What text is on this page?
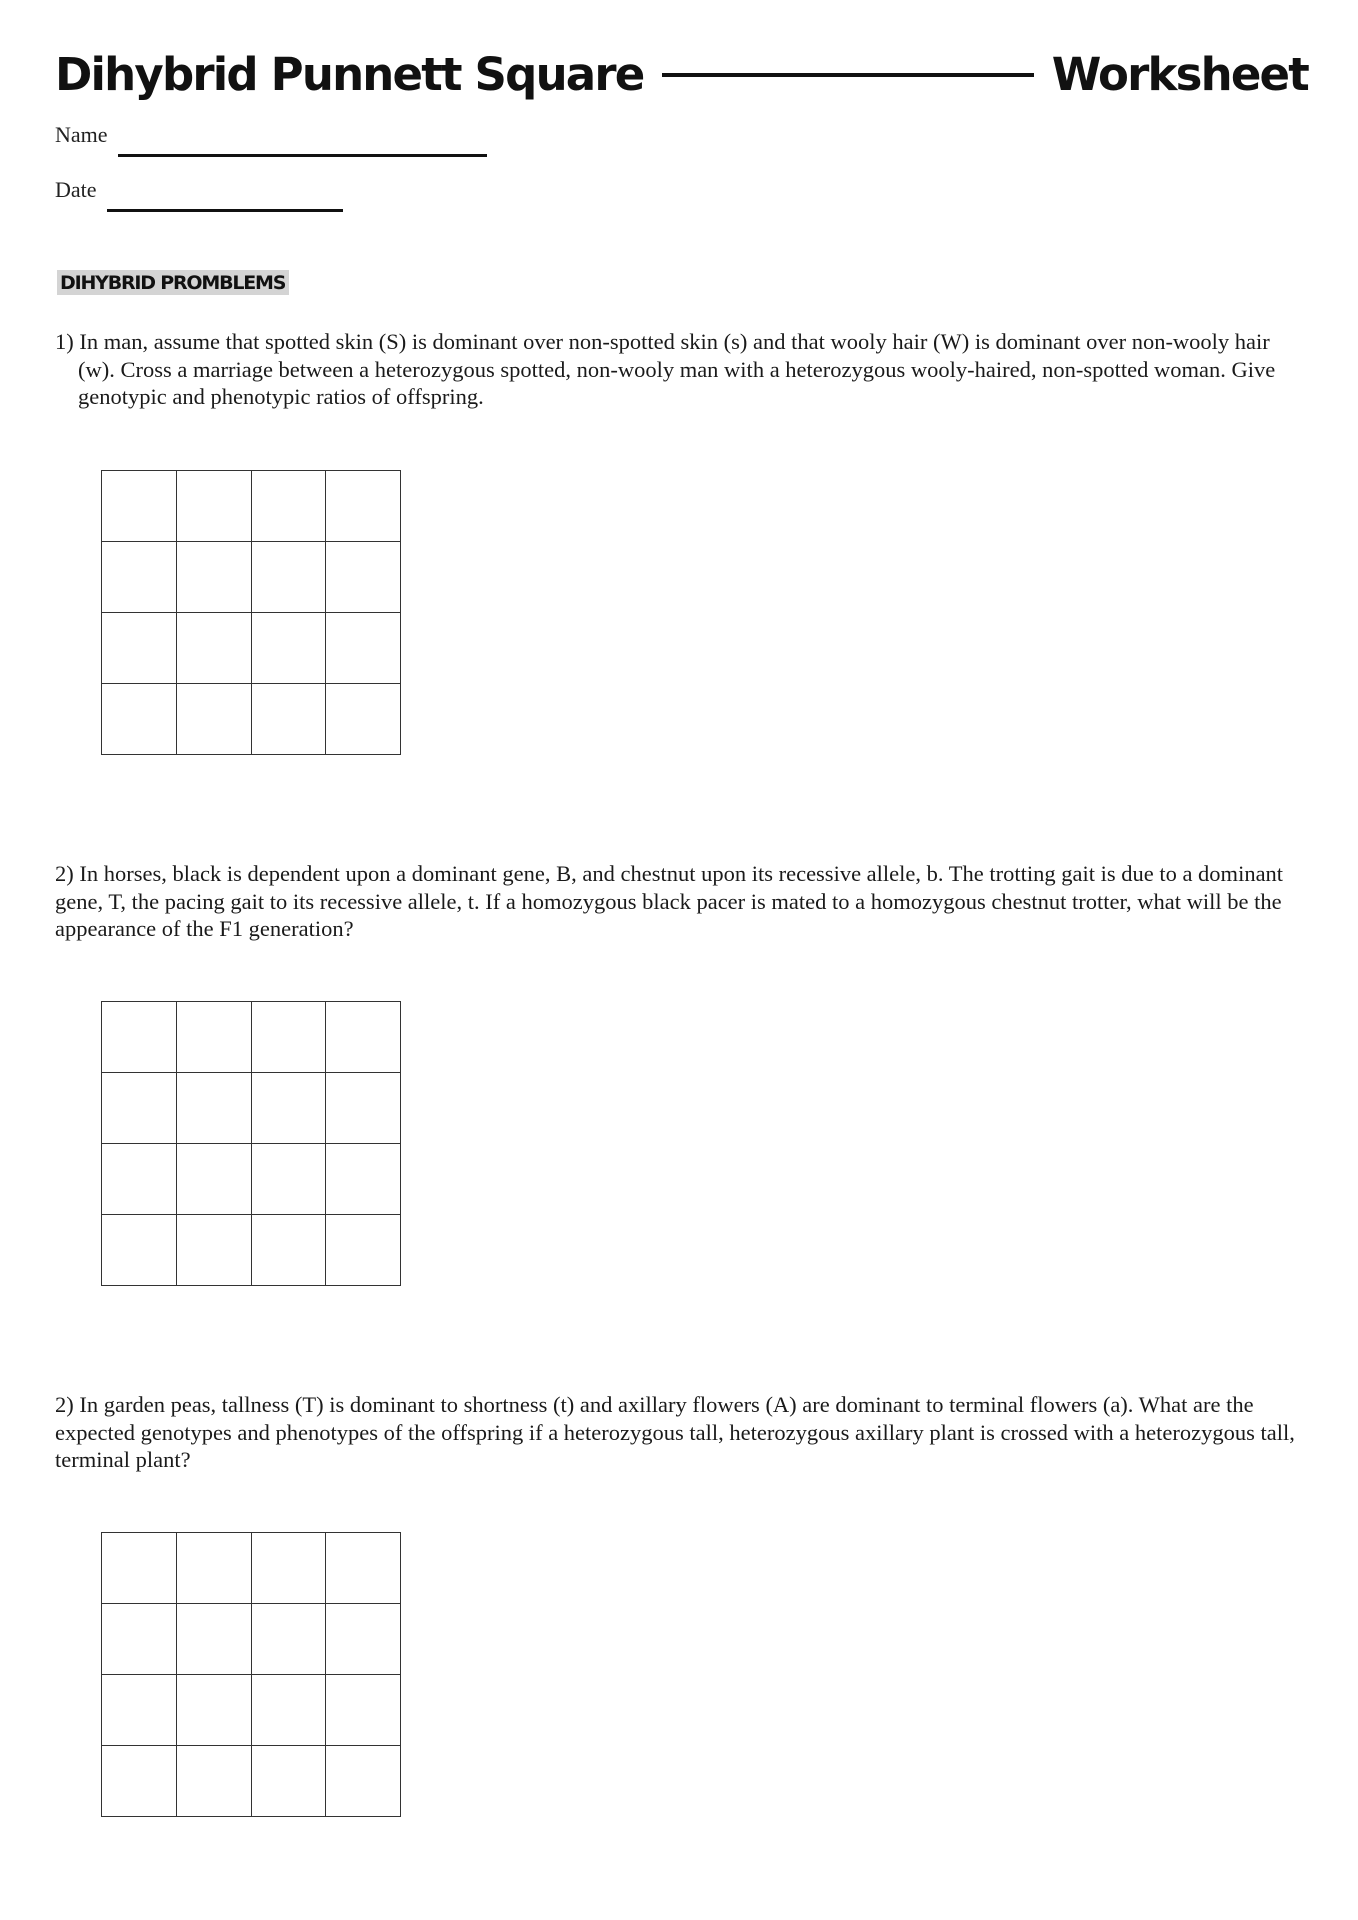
Dihybrid Punnett Square	Worksheet
Name
Date
DIHYBRID PROMBLEMS
1) In man, assume that spotted skin (S) is dominant over non-spotted skin (s) and that wooly hair (W) is dominant over non-wooly hair (w). Cross a marriage between a heterozygous spotted, non-wooly man with a heterozygous wooly-haired, non-spotted woman. Give genotypic and phenotypic ratios of offspring.
2) In horses, black is dependent upon a dominant gene, B, and chestnut upon its recessive allele, b. The trotting gait is due to a dominant gene, T, the pacing gait to its recessive allele, t. If a homozygous black pacer is mated to a homozygous chestnut trotter, what will be the appearance of the F1 generation?
2) In garden peas, tallness (T) is dominant to shortness (t) and axillary flowers (A) are dominant to terminal flowers (a). What are the expected genotypes and phenotypes of the offspring if a heterozygous tall, heterozygous axillary plant is crossed with a heterozygous tall, terminal plant?
